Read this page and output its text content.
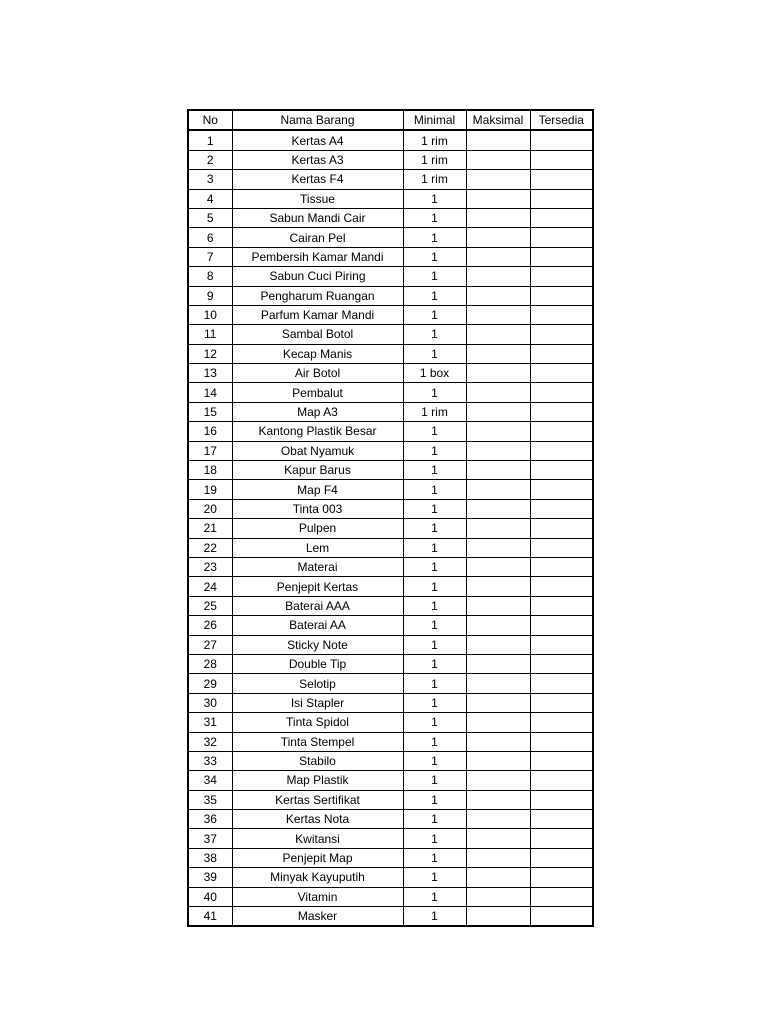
No	Nama Barang	Minimal	Maksimal	Tersedia
1	Kertas A4	1 rim		
2	Kertas A3	1 rim		
3	Kertas F4	1 rim		
4	Tissue	1		
5	Sabun Mandi Cair	1		
6	Cairan Pel	1		
7	Pembersih Kamar Mandi	1		
8	Sabun Cuci Piring	1		
9	Pengharum Ruangan	1		
10	Parfum Kamar Mandi	1		
11	Sambal Botol	1		
12	Kecap Manis	1		
13	Air Botol	1 box		
14	Pembalut	1		
15	Map A3	1 rim		
16	Kantong Plastik Besar	1		
17	Obat Nyamuk	1		
18	Kapur Barus	1		
19	Map F4	1		
20	Tinta 003	1		
21	Pulpen	1		
22	Lem	1		
23	Materai	1		
24	Penjepit Kertas	1		
25	Baterai AAA	1		
26	Baterai AA	1		
27	Sticky Note	1		
28	Double Tip	1		
29	Selotip	1		
30	Isi Stapler	1		
31	Tinta Spidol	1		
32	Tinta Stempel	1		
33	Stabilo	1		
34	Map Plastik	1		
35	Kertas Sertifikat	1		
36	Kertas Nota	1		
37	Kwitansi	1		
38	Penjepit Map	1		
39	Minyak Kayuputih	1		
40	Vitamin	1		
41	Masker	1		
